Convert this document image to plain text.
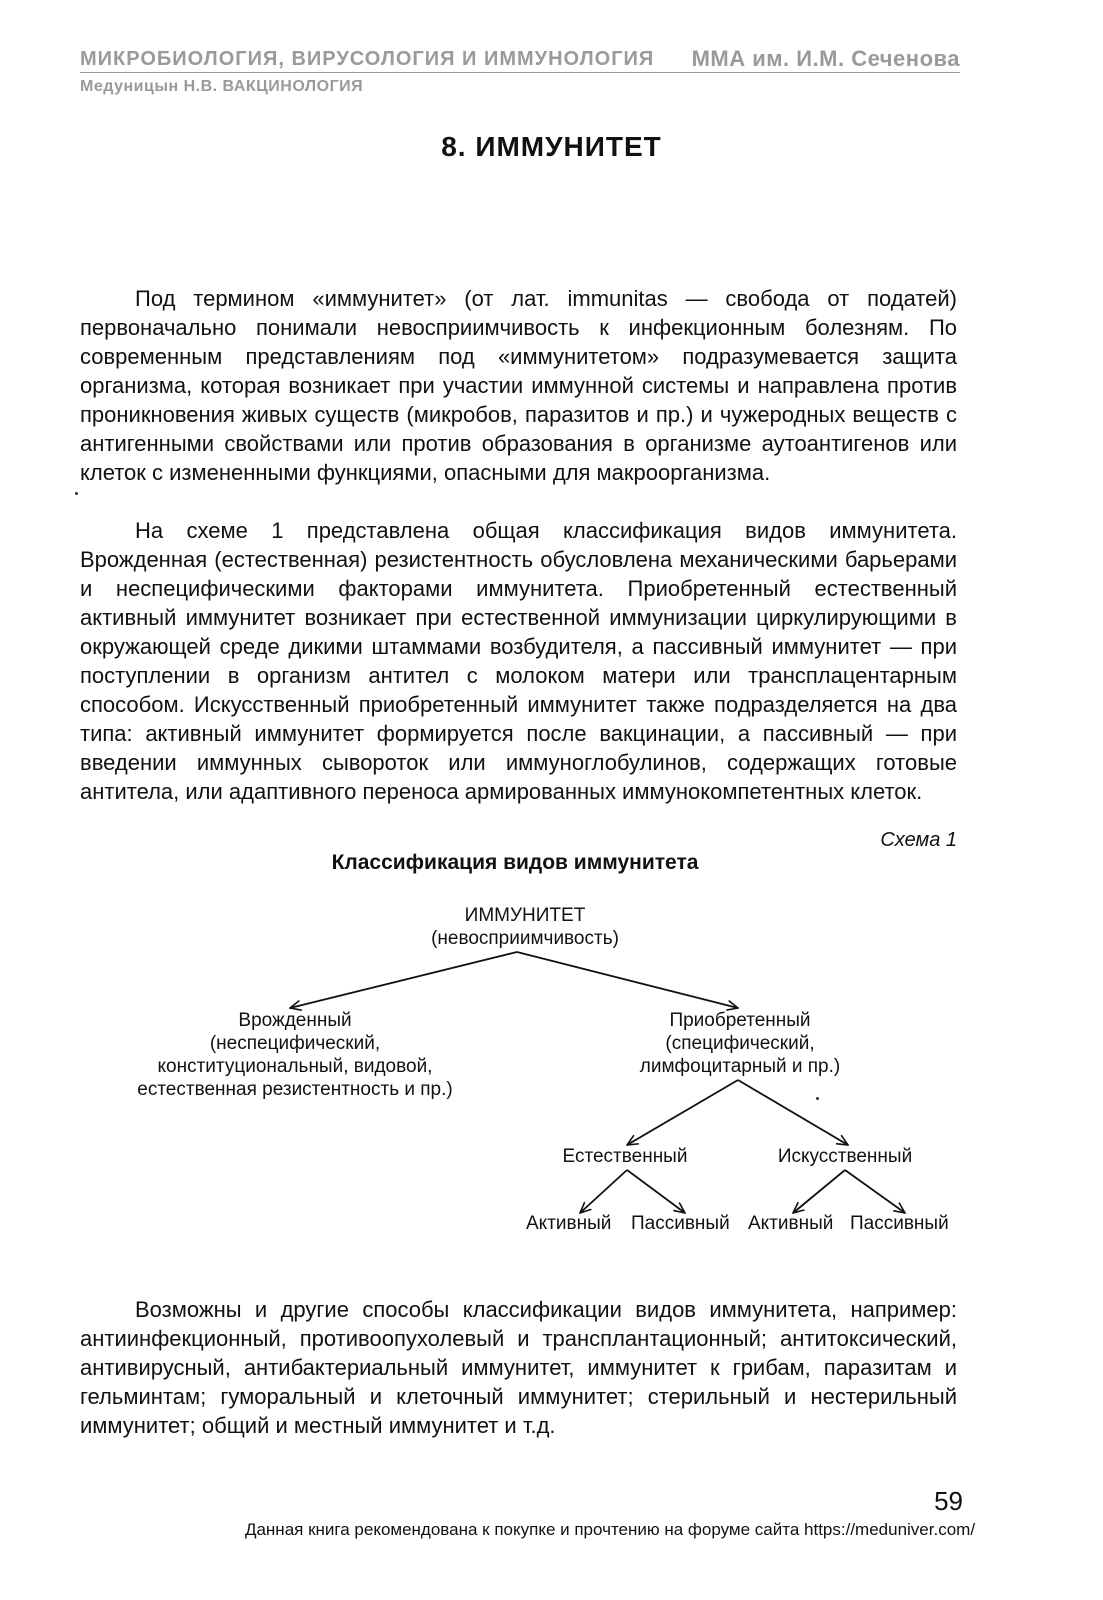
МИКРОБИОЛОГИЯ, ВИРУСОЛОГИЯ И ИММУНОЛОГИЯ ММА им. И.М. Сеченова
Медуницын Н.В. ВАКЦИНОЛОГИЯ
8. ИММУНИТЕТ

Под термином «иммунитет» (от лат. immunitas — свобода от податей) первоначально понимали невосприимчивость к инфекционным болезням. По современным представлениям под «иммунитетом» подразумевается защита организма, которая возникает при участии иммунной системы и направлена против проникновения живых существ (микробов, паразитов и пр.) и чужеродных веществ с антигенными свойствами или против образования в организме аутоантигенов или клеток с измененными функциями, опасными для макроорганизма.

На схеме 1 представлена общая классификация видов иммунитета. Врожденная (естественная) резистентность обусловлена механическими барьерами и неспецифическими факторами иммунитета. Приобретенный естественный активный иммунитет возникает при естественной иммунизации циркулирующими в окружающей среде дикими штаммами возбудителя, а пассивный иммунитет — при поступлении в организм антител с молоком матери или трансплацентарным способом. Искусственный приобретенный иммунитет также подразделяется на два типа: активный иммунитет формируется после вакцинации, а пассивный — при введении иммунных сывороток или иммуноглобулинов, содержащих готовые антитела, или адаптивного переноса армированных иммунокомпетентных клеток.

Схема 1
Классификация видов иммунитета
ИММУНИТЕТ
(невосприимчивость)
Врожденный
(неспецифический,
конституциональный, видовой,
естественная резистентность и пр.)
Приобретенный
(специфический,
лимфоцитарный и пр.)
Естественный	Искусственный
Активный Пассивный Активный Пассивный

Возможны и другие способы классификации видов иммунитета, например: антиинфекционный, противоопухолевый и трансплантационный; антитоксический, антивирусный, антибактериальный иммунитет, иммунитет к грибам, паразитам и гельминтам; гуморальный и клеточный иммунитет; стерильный и нестерильный иммунитет; общий и местный иммунитет и т.д.

59
Данная книга рекомендована к покупке и прочтению на форуме сайта https://meduniver.com/
